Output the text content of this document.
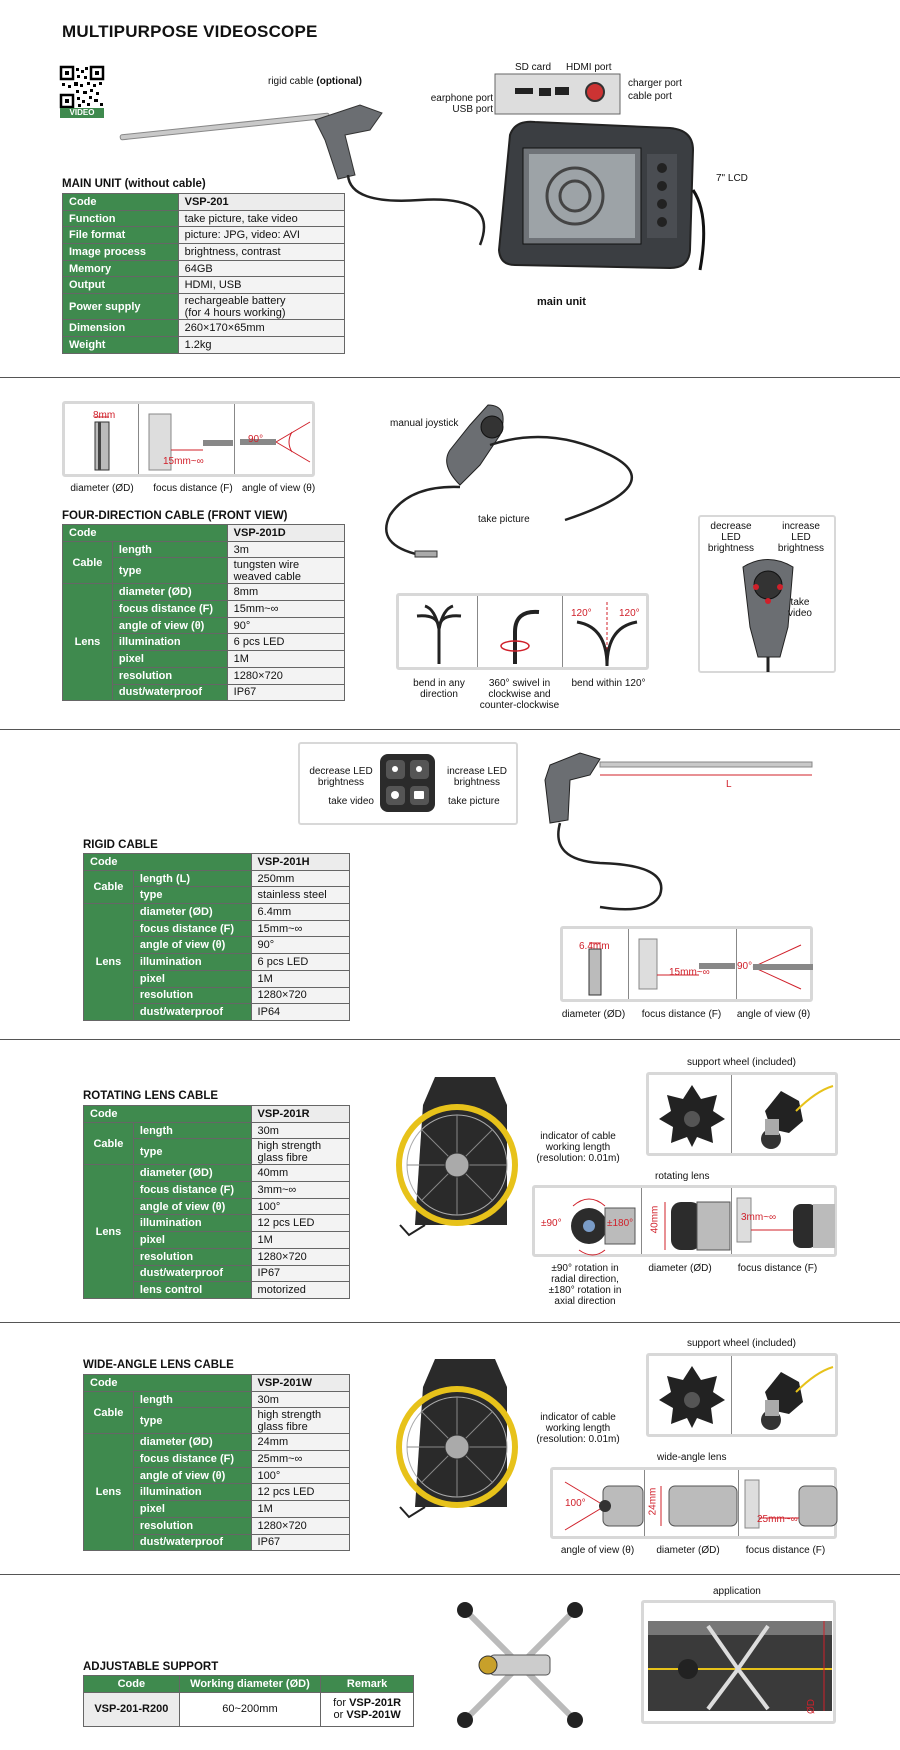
MULTIPURPOSE VIDEOSCOPE
VIDEO
rigid cable (optional)
SD card HDMI port
charger port
cable port
earphone port
USB port
7" LCD
main unit
MAIN UNIT (without cable)
Code	VSP-201
Function	take picture, take video
File format	picture: JPG, video: AVI
Image process	brightness, contrast
Memory	64GB
Output	HDMI, USB
Power supply	rechargeable battery
(for 4 hours working)
Dimension	260×170×65mm
Weight	1.2kg
8mm
15mm~∞
90°
diameter (ØD)	focus distance (F) angle of view (θ)
manual joystick
take picture
120°	120°
bend in any direction
360° swivel in clockwise and counter-clockwise
bend within 120°
decrease LED brightness
increase LED brightness
take video
FOUR-DIRECTION CABLE (FRONT VIEW)
Code		VSP-201D
Cable	length	3m
	type	tungsten wire
weaved cable
Lens	diameter (ØD)	8mm
	focus distance (F)	15mm~∞
	angle of view (θ)	90°
	illumination	6 pcs LED
	pixel	1M
	resolution	1280×720
	dust/waterproof	IP67
decrease LED
brightness
increase LED
brightness
take video	take picture
L
6.4mm
15mm~∞
90°
diameter (ØD)	focus distance (F)	angle of view (θ)
RIGID CABLE
Code		VSP-201H
Cable	length (L)	250mm
	type	stainless steel
Lens	diameter (ØD)	6.4mm
	focus distance (F)	15mm~∞
	angle of view (θ)	90°
	illumination	6 pcs LED
	pixel	1M
	resolution	1280×720
	dust/waterproof	IP64
indicator of cable working length (resolution: 0.01m)
support wheel (included)
rotating lens
±90°	±180° 40mm	3mm~∞
±90° rotation in radial direction, ±180° rotation in axial direction
diameter (ØD)	focus distance (F)
ROTATING LENS CABLE
Code		VSP-201R
Cable	length	30m
	type	high strength
glass fibre
Lens	diameter (ØD)	40mm
	focus distance (F)	3mm~∞
	angle of view (θ)	100°
	illumination	12 pcs LED
	pixel	1M
	resolution	1280×720
	dust/waterproof	IP67
	lens control	motorized
indicator of cable working length (resolution: 0.01m)
support wheel (included)
wide-angle lens
100°	24mm
25mm~∞
angle of view (θ)	diameter (ØD)	focus distance (F)
WIDE-ANGLE LENS CABLE
Code		VSP-201W
Cable	length	30m
	type	high strength
glass fibre
Lens	diameter (ØD)	24mm
	focus distance (F)	25mm~∞
	angle of view (θ)	100°
	illumination	12 pcs LED
	pixel	1M
	resolution	1280×720
	dust/waterproof	IP67
application
ØD
ADJUSTABLE SUPPORT
Code	Working diameter (ØD)	Remark
VSP-201-R200	60~200mm	for VSP-201R
or VSP-201W
